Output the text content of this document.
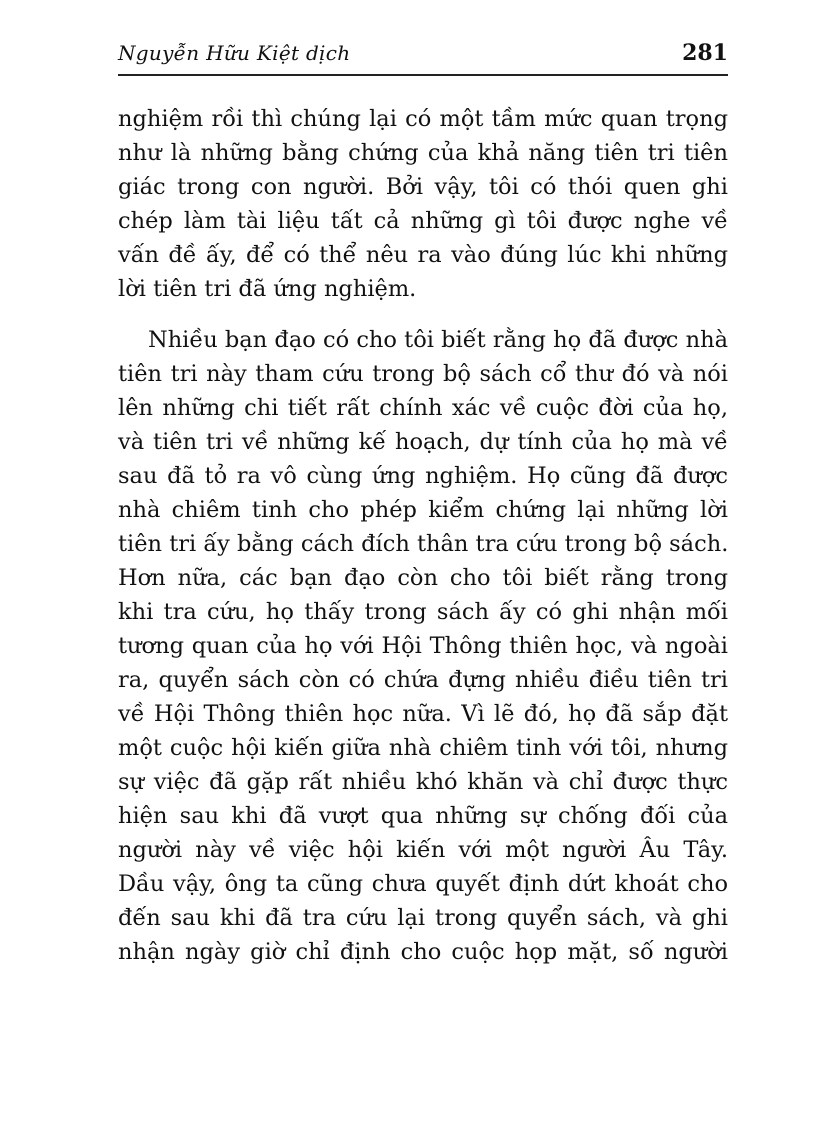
Nguyễn Hữu Kiệt dịch	281
nghiệm rồi thì chúng lại có một tầm mức quan trọng
như là những bằng chứng của khả năng tiên tri tiên
giác trong con người. Bởi vậy, tôi có thói quen ghi
chép làm tài liệu tất cả những gì tôi được nghe về
vấn đề ấy, để có thể nêu ra vào đúng lúc khi những
lời tiên tri đã ứng nghiệm.
Nhiều bạn đạo có cho tôi biết rằng họ đã được nhà
tiên tri này tham cứu trong bộ sách cổ thư đó và nói
lên những chi tiết rất chính xác về cuộc đời của họ,
và tiên tri về những kế hoạch, dự tính của họ mà về
sau đã tỏ ra vô cùng ứng nghiệm. Họ cũng đã được
nhà chiêm tinh cho phép kiểm chứng lại những lời
tiên tri ấy bằng cách đích thân tra cứu trong bộ sách.
Hơn nữa, các bạn đạo còn cho tôi biết rằng trong
khi tra cứu, họ thấy trong sách ấy có ghi nhận mối
tương quan của họ với Hội Thông thiên học, và ngoài
ra, quyển sách còn có chứa đựng nhiều điều tiên tri
về Hội Thông thiên học nữa. Vì lẽ đó, họ đã sắp đặt
một cuộc hội kiến giữa nhà chiêm tinh với tôi, nhưng
sự việc đã gặp rất nhiều khó khăn và chỉ được thực
hiện sau khi đã vượt qua những sự chống đối của
người này về việc hội kiến với một người Âu Tây.
Dầu vậy, ông ta cũng chưa quyết định dứt khoát cho
đến sau khi đã tra cứu lại trong quyển sách, và ghi
nhận ngày giờ chỉ định cho cuộc họp mặt, số người
